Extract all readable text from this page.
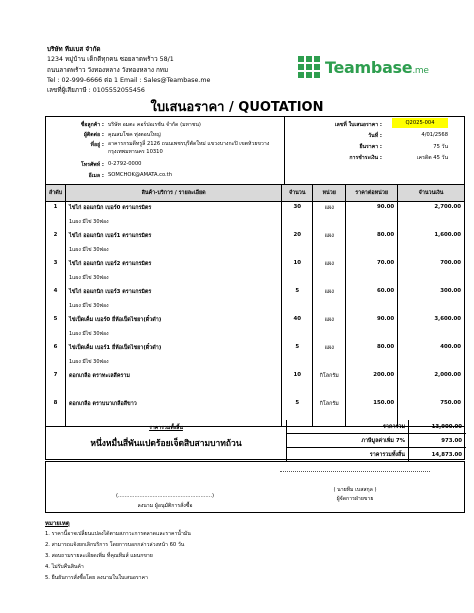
บริษัท ทีมเบส จำกัด
1234 หมู่บ้าน เด็กดีทุกคน ซอยลาดพร้าว 58/1
ถนนลาดพร้าว วังทองหลาง วังทองหลาง กทม
Tel : 02-999-6666 ต่อ 1 Email : Sales@Teambase.me
เลขที่ผู้เสียภาษี : 0105552055456
Teambase.me
ใบเสนอราคา / QUOTATION
ชื่อลูกค้า : บริษัท อมตะ คอร์ปอเรชัน จำกัด (มหาชน)
ผู้ติดต่อ : คุณสมโชค ทุ่งตอนใหญ่
ที่อยู่ : อาคารกรมดีทรูลี่ 2126 ถนนเพชรบุรีตัดใหม่ แขวงบางกะปิ เขตห้วยขวาง กรุงเทพมหานคร 10310
โทรศัพท์ : 0-2792-0000
อีเมล : SOMCHOK@AMATA.co.th
เลขที่ ใบเสนอราคา :	Q2025-004
วันที่ :	4/01/2568
ยืนราคา :	75 วัน
การชำระเงิน :	เครดิต 45 วัน
ลำดับ	สินค้า-บริการ / รายละเอียด	จำนวน	หน่วย	ราคาต่อหน่วย	จำนวนเงิน
1	ไข่ไก่ ออแกนิก เบอร์0 ตราแกรมิตร
1แผง มีไข่ 30ฟอง	30	แผง	90.00	2,700.00
2	ไข่ไก่ ออแกนิก เบอร์1 ตราแกรมิตร
1แผง มีไข่ 30ฟอง	20	แผง	80.00	1,600.00
3	ไข่ไก่ ออแกนิก เบอร์2 ตราแกรมิตร
1แผง มีไข่ 30ฟอง	10	แผง	70.00	700.00
4	ไข่ไก่ ออแกนิก เบอร์3 ตราแกรมิตร
1แผง มีไข่ 30ฟอง	5	แผง	60.00	300.00
5	ไข่เป็ดเค็ม เบอร์0 ยี่ห้อเป็ดไชยา(ดิ๋วดำ)
1แผง มีไข่ 30ฟอง	40	แผง	90.00	3,600.00
6	ไข่เป็ดเค็ม เบอร์1 ยี่ห้อเป็ดไชยา(ดิ๋วดำ)
1แผง มีไข่ 30ฟอง	5	แผง	80.00	400.00
7	ดอกเกลือ ตราทะเลสีคราม	10	กิโลกรัม	200.00	2,000.00
8	ดอกเกลือ ตราบนาเกลือสีขาว	5	กิโลกรัม	150.00	750.00
ราคารวมทั้งสิ้น
หนึ่งหมื่นสี่พันแปดร้อยเจ็ดสิบสามบาทถ้วน
ราคารวม	13,900.00
ภาษีมูลค่าเพิ่ม 7%	973.00
ราคารวมทั้งสิ้น	14,873.00
(.........................................................)
ลงนาม ผู้อนุมัติการสั่งซื้อ
( นายทีม เบสสกุล )
ผู้จัดการฝ่ายขาย
หมายเหตุ
1. ราคานี้อาจเปลี่ยนแปลงได้ตามสภาวะการตลาดและราคาน้ำมัน
2. สามารถแจ้งยกเลิกบริการ โดยการบอกกล่าวล่วงหน้า 60 วัน
3. สอบถามรายละเอียดเพิ่ม ที่คุณทีมส์ แผนกขาย
4. ไม่รับคืนสินค้า
5. ยืนยันการสั่งซื้อโดย ลงนามในใบเสนอราคา
